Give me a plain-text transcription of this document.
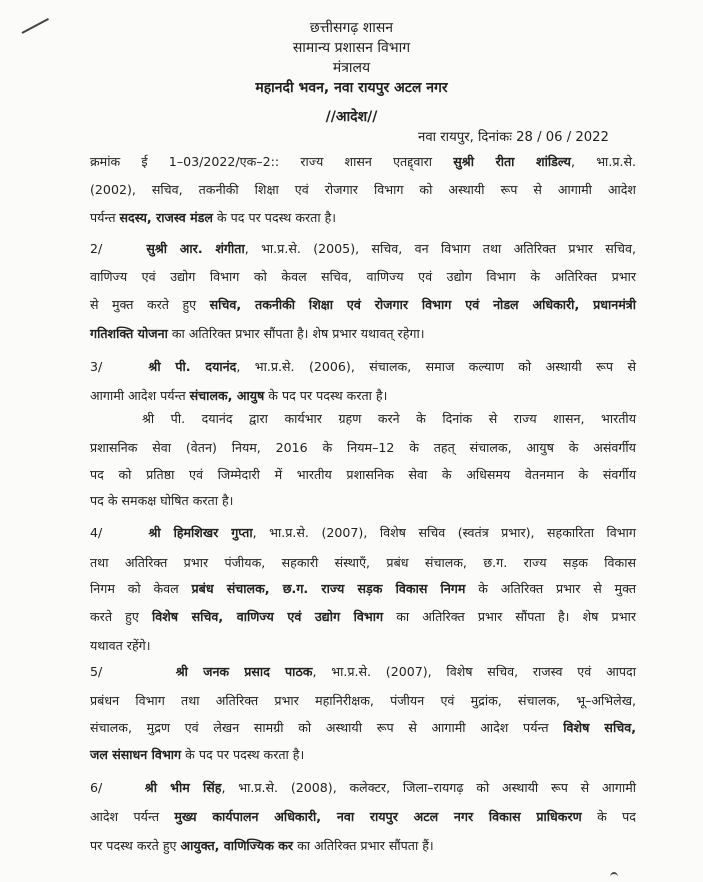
छत्तीसगढ़ शासन
सामान्य प्रशासन विभाग
मंत्रालय
महानदी भवन, नवा रायपुर अटल नगर
//आदेश//
नवा रायपुर, दिनांकः 28 / 06 / 2022
क्रमांक ई 1–03/2022/एक–2:: राज्य शासन एतद्द्वारा सुश्री रीता शांडिल्य, भा.प्र.से.
(2002), सचिव, तकनीकी शिक्षा एवं रोजगार विभाग को अस्थायी रूप से आगामी आदेश
पर्यन्त सदस्य, राजस्व मंडल के पद पर पदस्थ करता है।
2/	सुश्री आर. शंगीता, भा.प्र.से. (2005), सचिव, वन विभाग तथा अतिरिक्त प्रभार सचिव,
वाणिज्य एवं उद्योग विभाग को केवल सचिव, वाणिज्य एवं उद्योग विभाग के अतिरिक्त प्रभार
से मुक्त करते हुए सचिव, तकनीकी शिक्षा एवं रोजगार विभाग एवं नोडल अधिकारी, प्रधानमंत्री
गतिशक्ति योजना का अतिरिक्त प्रभार सौंपता है। शेष प्रभार यथावत् रहेगा।
3/	श्री पी. दयानंद, भा.प्र.से. (2006), संचालक, समाज कल्याण को अस्थायी रूप से
आगामी आदेश पर्यन्त संचालक, आयुष के पद पर पदस्थ करता है।
श्री पी. दयानंद द्वारा कार्यभार ग्रहण करने के दिनांक से राज्य शासन, भारतीय
प्रशासनिक सेवा (वेतन) नियम, 2016 के नियम–12 के तहत् संचालक, आयुष के असंवर्गीय
पद को प्रतिष्ठा एवं जिम्मेदारी में भारतीय प्रशासनिक सेवा के अधिसमय वेतनमान के संवर्गीय
पद के समकक्ष घोषित करता है।
4/	श्री हिमशिखर गुप्ता, भा.प्र.से. (2007), विशेष सचिव (स्वतंत्र प्रभार), सहकारिता विभाग
तथा अतिरिक्त प्रभार पंजीयक, सहकारी संस्थाएँ, प्रबंध संचालक, छ.ग. राज्य सड़क विकास
निगम को केवल प्रबंध संचालक, छ.ग. राज्य सड़क विकास निगम के अतिरिक्त प्रभार से मुक्त
करते हुए विशेष सचिव, वाणिज्य एवं उद्योग विभाग का अतिरिक्त प्रभार सौंपता है। शेष प्रभार
यथावत रहेंगे।
5/	श्री जनक प्रसाद पाठक, भा.प्र.से. (2007), विशेष सचिव, राजस्व एवं आपदा
प्रबंधन विभाग तथा अतिरिक्त प्रभार महानिरीक्षक, पंजीयन एवं मुद्रांक, संचालक, भू–अभिलेख,
संचालक, मुद्रण एवं लेखन सामग्री को अस्थायी रूप से आगामी आदेश पर्यन्त विशेष सचिव,
जल संसाधन विभाग के पद पर पदस्थ करता है।
6/ श्री भीम सिंह, भा.प्र.से. (2008), कलेक्टर, जिला–रायगढ़ को अस्थायी रूप से आगामी
आदेश पर्यन्त मुख्य कार्यपालन अधिकारी, नवा रायपुर अटल नगर विकास प्राधिकरण के पद
पर पदस्थ करते हुए आयुक्त, वाणिज्यिक कर का अतिरिक्त प्रभार सौंपता हैं।
